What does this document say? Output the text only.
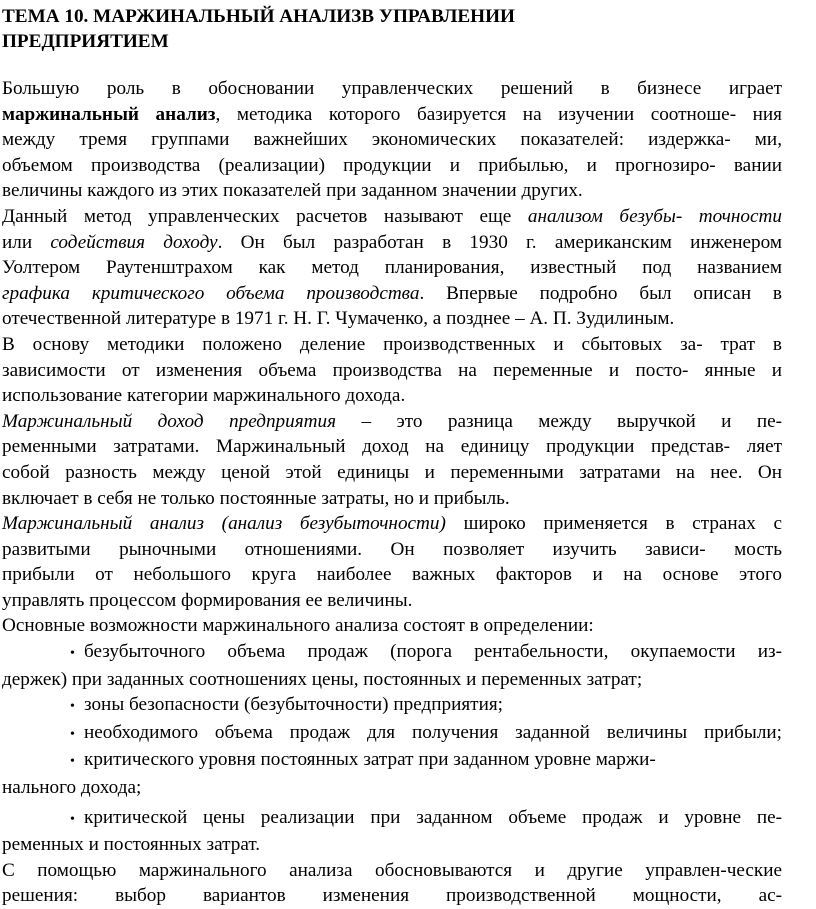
ТЕМА 10. МАРЖИНАЛЬНЫЙ АНАЛИЗВ УПРАВЛЕНИИ
ПРЕДПРИЯТИЕМ

Большую роль в обосновании управленческих решений в бизнесе играет

маржинальный анализ, методика которого базируется на изучении соотноше- ния

между тремя группами важнейших экономических показателей: издержка- ми,

объемом производства (реализации) продукции и прибылью, и прогнозиро- вании

величины каждого из этих показателей при заданном значении других.

Данный метод управленческих расчетов называют еще анализом безубы- точности

или содействия доходу. Он был разработан в 1930 г. американским инженером

Уолтером Раутенштрахом как метод планирования, известный под названием

графика критического объема производства. Впервые подробно был описан в

отечественной литературе в 1971 г. Н. Г. Чумаченко, а позднее – А. П. Зудилиным.

В основу методики положено деление производственных и сбытовых за- трат в

зависимости от изменения объема производства на переменные и посто- янные и

использование категории маржинального дохода.

Маржинальный доход предприятия – это разница между выручкой и пе-

ременными затратами. Маржинальный доход на единицу продукции представ- ляет

собой разность между ценой этой единицы и переменными затратами на нее. Он

включает в себя не только постоянные затраты, но и прибыль.

Маржинальный анализ (анализ безубыточности) широко применяется в странах с

развитыми рыночными отношениями. Он позволяет изучить зависи- мость

прибыли от небольшого круга наиболее важных факторов и на основе этого

управлять процессом формирования ее величины.

Основные возможности маржинального анализа состоят в определении:

• безубыточного объема продаж (порога рентабельности, окупаемости из-

держек) при заданных соотношениях цены, постоянных и переменных затрат;

• зоны безопасности (безубыточности) предприятия;

• необходимого объема продаж для получения заданной величины прибыли;

• критического уровня постоянных затрат при заданном уровне маржи-

нального дохода;

• критической цены реализации при заданном объеме продаж и уровне пе-

ременных и постоянных затрат.

С помощью маржинального анализа обосновываются и другие управлен-ческие

решения: выбор вариантов изменения производственной мощности, ас-
